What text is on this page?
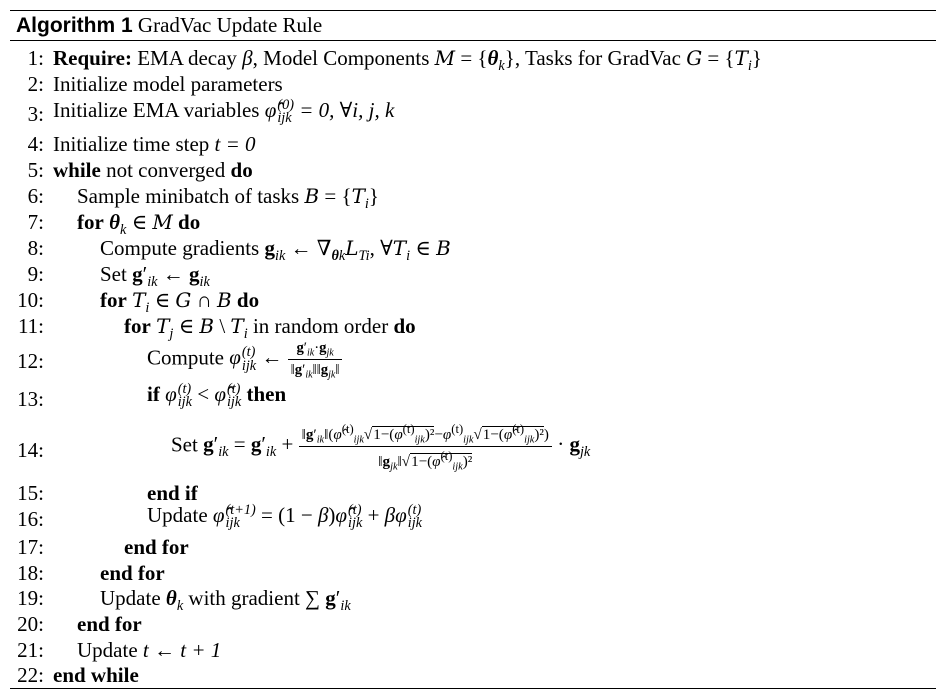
Algorithm 1 GradVac Update Rule
1: Require: EMA decay β, Model Components $M = \{\theta_k\}$, Tasks for GradVac $G = \{T_i\}$
2: Initialize model parameters
3: Initialize EMA variables φ̂ (0)
ijk = 0, ∀i, j, k
4: Initialize time step t = 0
5: while not converged do
6: Sample minibatch of tasks $B = \{T_i\}$
7: for $\theta_k$ ∈ M do
8:	Compute gradients $g_{ik}$ ← $\nabla_{\theta k}L_{Ti}$, $\forall T_i$ ∈ B
9:	Set $g'_{ik}$ ← $g_{ik}$
10:	for $T_i$ ∈ G ∩ B do
11:	for $T_j$ ∈ B \ $T_i$ in random order do
12:	Compute φ (t)
ijk ← $\frac{g'_{ik}\cdot g_{jk}}{‖g'_{ik}‖‖g_{jk}‖}$
13:	if φ (t)
ijk < φ̂ (t)
ijk then
14:	Set $g'_{ik} = g'_{ik} + \frac{‖g'_{ik}‖(\varphî^{(t)}_{ijk}√1-(\varphi^{(t)}_{ijk})^2-\varphi^{(t)}_{ijk}√1-(\varphî^{(t)}_{ijk})^2)}{‖g_{jk}‖√1-(\varphî^{(t)}_{ijk})^2} \cdot g_{jk}$
15:	end if
16:	Update φ̂ (t+1)
ijk = (1 − β)φ̂ (t)
ijk + βφ (t)
ijk
17:	end for
18:	end for
19:	Update $\theta_k$ with gradient ∑ $g'_{ik}$
20: end for
21: Update t ← t + 1
22: end while
